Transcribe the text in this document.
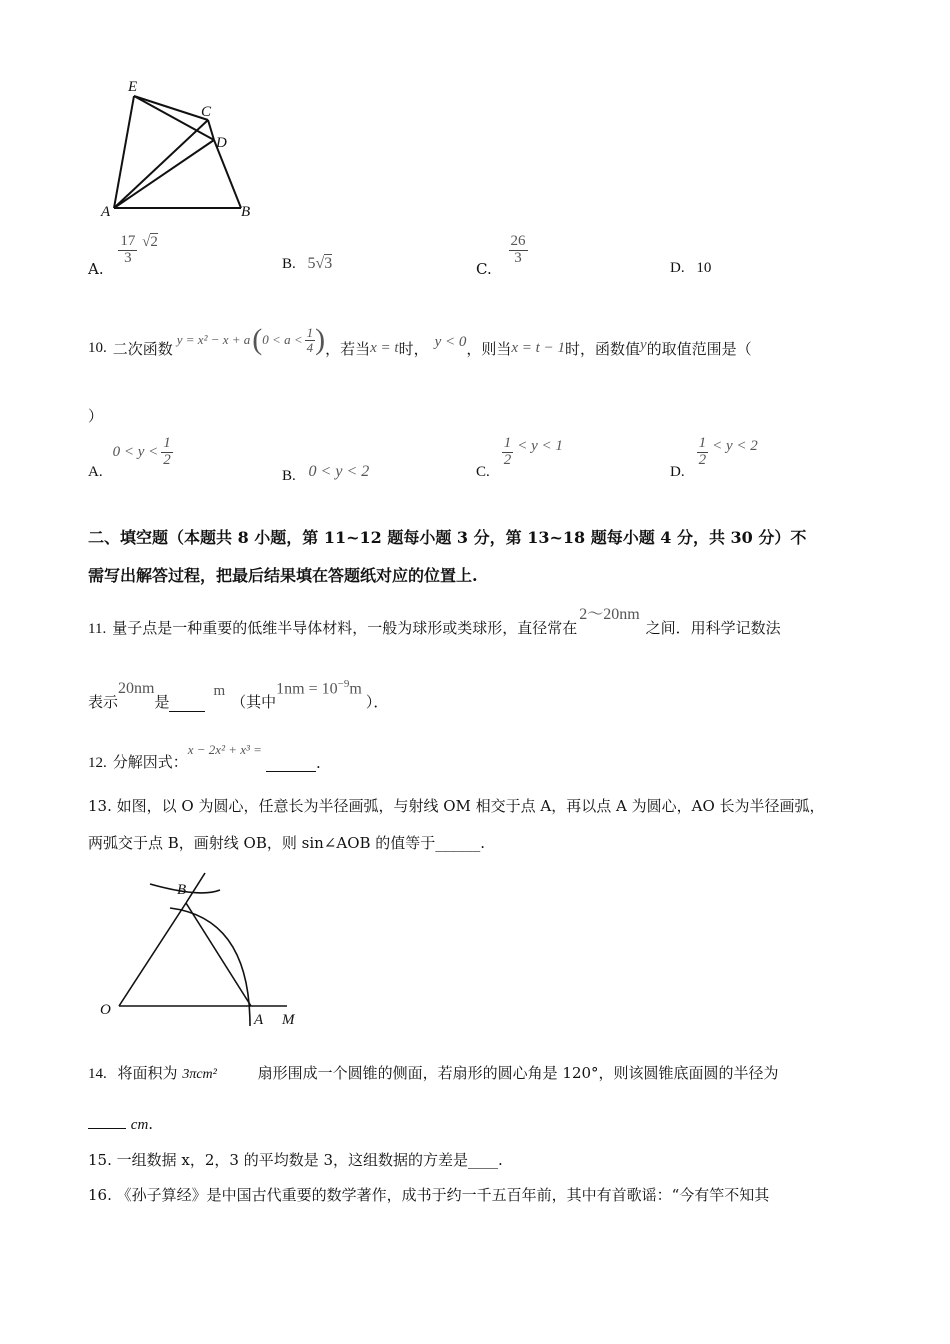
E
C
D
A	B
A.
$\frac{17}{3} √2$
B. 5√3	C.
$\frac{26}{3}$
D. 10
10. 二次函数 y = x² − x + a ( $0 < a < \frac{1}{4}$ ) ，若当 x = t 时， y < 0 ，则当 x = t − 1 时，函数值 y 的取值范围是（
）
A.
$0 < y < \frac{1}{2}$
B. 0 < y < 2	C.
$\frac{1}{2} < y < 1$
D.
$\frac{1}{2} < y < 2$
二、填空题（本题共 8 小题，第 11~12 题每小题 3 分，第 13~18 题每小题 4 分，共 30 分）不
需写出解答过程，把最后结果填在答题纸对应的位置上.
11. 量子点是一种重要的低维半导体材料，一般为球形或类球形，直径常在
2～20nm
之间．用科学记数法
表示
20nm
是
m
（其中
$1nm = 10^{-9}m$
）．
12. 分解因式：
x − 2x² + x³ =
.
13. 如图，以 O 为圆心，任意长为半径画弧，与射线 OM 相交于点 A，再以点 A 为圆心，AO 长为半径画弧，
两弧交于点 B，画射线 OB，则 sin∠AOB 的值等于______.
B
O
A M
14. 将面积为 3πcm²	扇形围成一个圆锥的侧面，若扇形的圆心角是 120°，则该圆锥底面圆的半径为
cm.
15. 一组数据 x，2，3 的平均数是 3，这组数据的方差是____.
16. 《孙子算经》是中国古代重要的数学著作，成书于约一千五百年前，其中有首歌谣：“今有竿不知其
